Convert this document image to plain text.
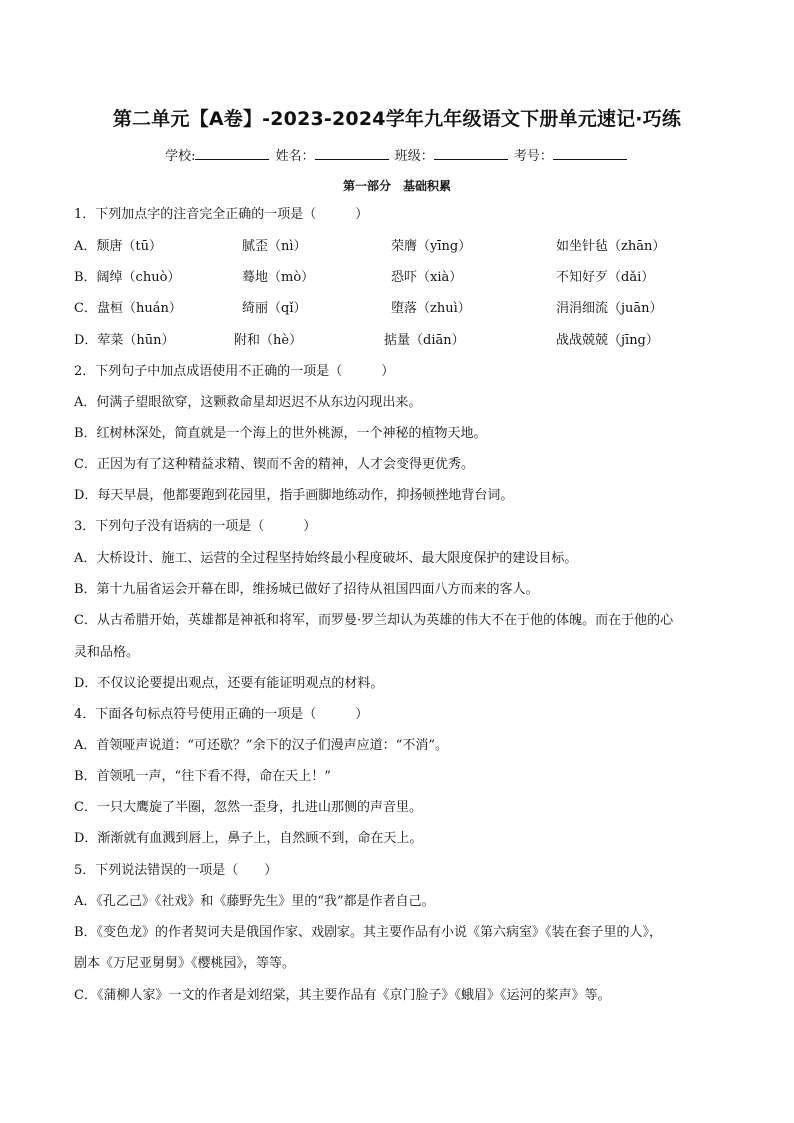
第二单元【A卷】-2023-2024学年九年级语文下册单元速记·巧练
学校:	姓名：	班级：	考号：
第一部分　基础积累
1．下列加点字的注音完全正确的一项是（　　　）
A．颓唐（tū）	腻歪（nì）	荣膺（yīng）	如坐针毡（zhān）
B．阔绰（chuò）	蓦地（mò）	恐吓（xià）	不知好歹（dǎi）
C．盘桓（huán）	绮丽（qǐ）	堕落（zhuì）	涓涓细流（juān）
D．荤菜（hūn）	附和（hè）	掂量（diān）	战战兢兢（jīng）
2．下列句子中加点成语使用不正确的一项是（　　　）
A．何满子望眼欲穿，这颗救命星却迟迟不从东边闪现出来。
B．红树林深处，简直就是一个海上的世外桃源，一个神秘的植物天地。
C．正因为有了这种精益求精、锲而不舍的精神，人才会变得更优秀。
D．每天早晨，他都要跑到花园里，指手画脚地练动作，抑扬顿挫地背台词。
3．下列句子没有语病的一项是（　　　）
A．大桥设计、施工、运营的全过程坚持始终最小程度破坏、最大限度保护的建设目标。
B．第十九届省运会开幕在即，维扬城已做好了招待从祖国四面八方而来的客人。
C．从古希腊开始，英雄都是神祇和将军，而罗曼·罗兰却认为英雄的伟大不在于他的体魄。而在于他的心
灵和品格。
D．不仅议论要提出观点，还要有能证明观点的材料。
4．下面各句标点符号使用正确的一项是（　　　）
A．首领哑声说道：“可还歇？”余下的汉子们漫声应道：“不消”。
B．首领吼一声，“往下看不得，命在天上！”
C．一只大鹰旋了半圈，忽然一歪身，扎进山那侧的声音里。
D．渐渐就有血溅到唇上，鼻子上，自然顾不到，命在天上。
5．下列说法错误的一项是（　　）
A．《孔乙己》《社戏》和《藤野先生》里的“我”都是作者自己。
B．《变色龙》的作者契诃夫是俄国作家、戏剧家。其主要作品有小说《第六病室》《装在套子里的人》，
剧本《万尼亚舅舅》《樱桃园》，等等。
C．《蒲柳人家》一文的作者是刘绍棠，其主要作品有《京门脸子》《蛾眉》《运河的桨声》等。
